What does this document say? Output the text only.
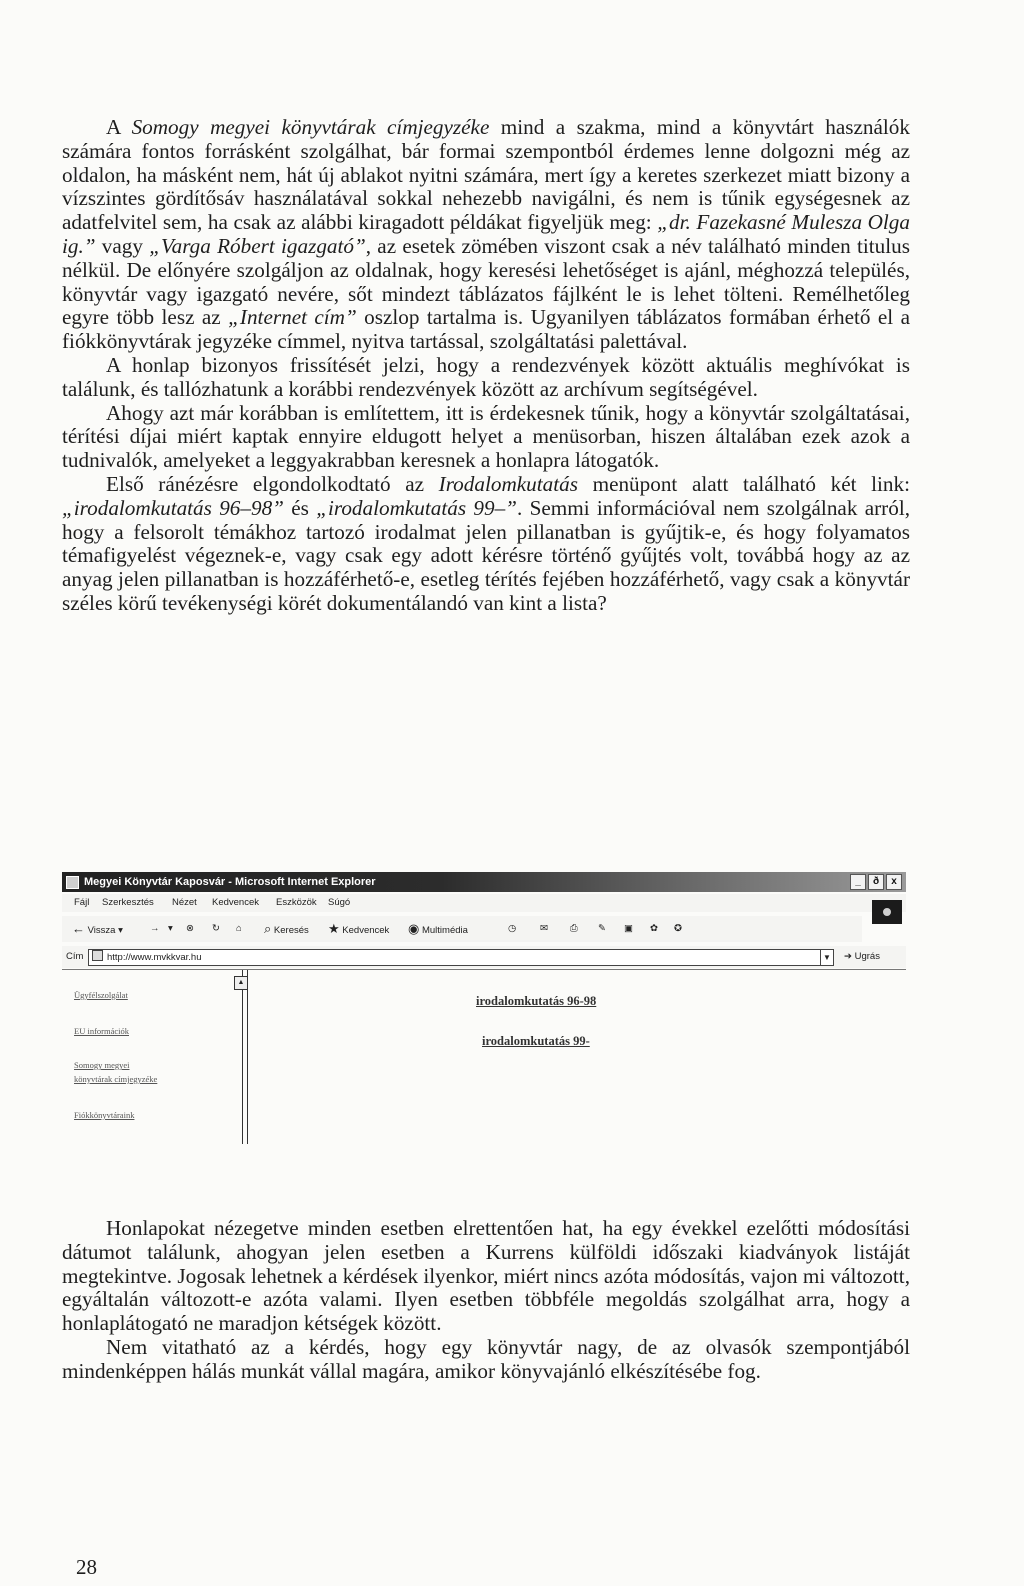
A Somogy megyei könyvtárak címjegyzéke mind a szakma, mind a könyvtárt használók számára fontos forrásként szolgálhat, bár formai szempontból érdemes lenne dolgozni még az oldalon, ha másként nem, hát új ablakot nyitni számára, mert így a keretes szerkezet miatt bizony a vízszintes gördítősáv használatával sokkal nehezebb navigálni, és nem is tűnik egységesnek az adatfelvitel sem, ha csak az alábbi kiragadott példákat figyeljük meg: „dr. Fazekasné Mulesza Olga ig.” vagy „Varga Róbert igazgató”, az esetek zömében viszont csak a név található minden titulus nélkül. De előnyére szolgáljon az oldalnak, hogy keresési lehetőséget is ajánl, méghozzá település, könyvtár vagy igazgató nevére, sőt mindezt táblázatos fájlként le is lehet tölteni. Remélhetőleg egyre több lesz az „Internet cím” oszlop tartalma is. Ugyanilyen táblázatos formában érhető el a fiókkönyvtárak jegyzéke címmel, nyitva tartással, szolgáltatási palettával.

A honlap bizonyos frissítését jelzi, hogy a rendezvények között aktuális meghívókat is találunk, és tallózhatunk a korábbi rendezvények között az archívum segítségével.

Ahogy azt már korábban is említettem, itt is érdekesnek tűnik, hogy a könyvtár szolgáltatásai, térítési díjai miért kaptak ennyire eldugott helyet a menüsorban, hiszen általában ezek azok a tudnivalók, amelyeket a leggyakrabban keresnek a honlapra látogatók.

Első ránézésre elgondolkodtató az Irodalomkutatás menüpont alatt található két link: „irodalomkutatás 96–98” és „irodalomkutatás 99–”. Semmi információval nem szolgálnak arról, hogy a felsorolt témákhoz tartozó irodalmat jelen pillanatban is gyűjtik-e, és hogy folyamatos témafigyelést végeznek-e, vagy csak egy adott kérésre történő gyűjtés volt, továbbá hogy az az anyag jelen pillanatban is hozzáférhető-e, esetleg térítés fejében hozzáférhető, vagy csak a könyvtár széles körű tevékenységi körét dokumentálandó van kint a lista?

Megyei Könyvtár Kaposvár - Microsoft Internet Explorer	_	ð	x
Fájl Szerkesztés Nézet Kedvencek Eszközök Súgó
← Vissza ▾	→ ▾ ⊗ ↻ ⌂ ⌕ Keresés ★ Kedvencek ◉ Multimédia	◷ ✉ ⎙ ✎ ▣ ✿ ✪
Cím	http://www.mvkkvar.hu	▼ ➔ Ugrás
Ügyfélszolgálat
EU információk
Somogy megyei
könyvtárak címjegyzéke
Fiókkönyvtáraink
▲
irodalomkutatás 96-98
irodalomkutatás 99-

Honlapokat nézegetve minden esetben elrettentően hat, ha egy évekkel ezelőtti módosítási dátumot találunk, ahogyan jelen esetben a Kurrens külföldi időszaki kiadványok listáját megtekintve. Jogosak lehetnek a kérdések ilyenkor, miért nincs azóta módosítás, vajon mi változott, egyáltalán változott-e azóta valami. Ilyen esetben többféle megoldás szolgálhat arra, hogy a honlaplátogató ne maradjon kétségek között.

Nem vitatható az a kérdés, hogy egy könyvtár nagy, de az olvasók szempontjából mindenképpen hálás munkát vállal magára, amikor könyvajánló elkészítésébe fog.

28
